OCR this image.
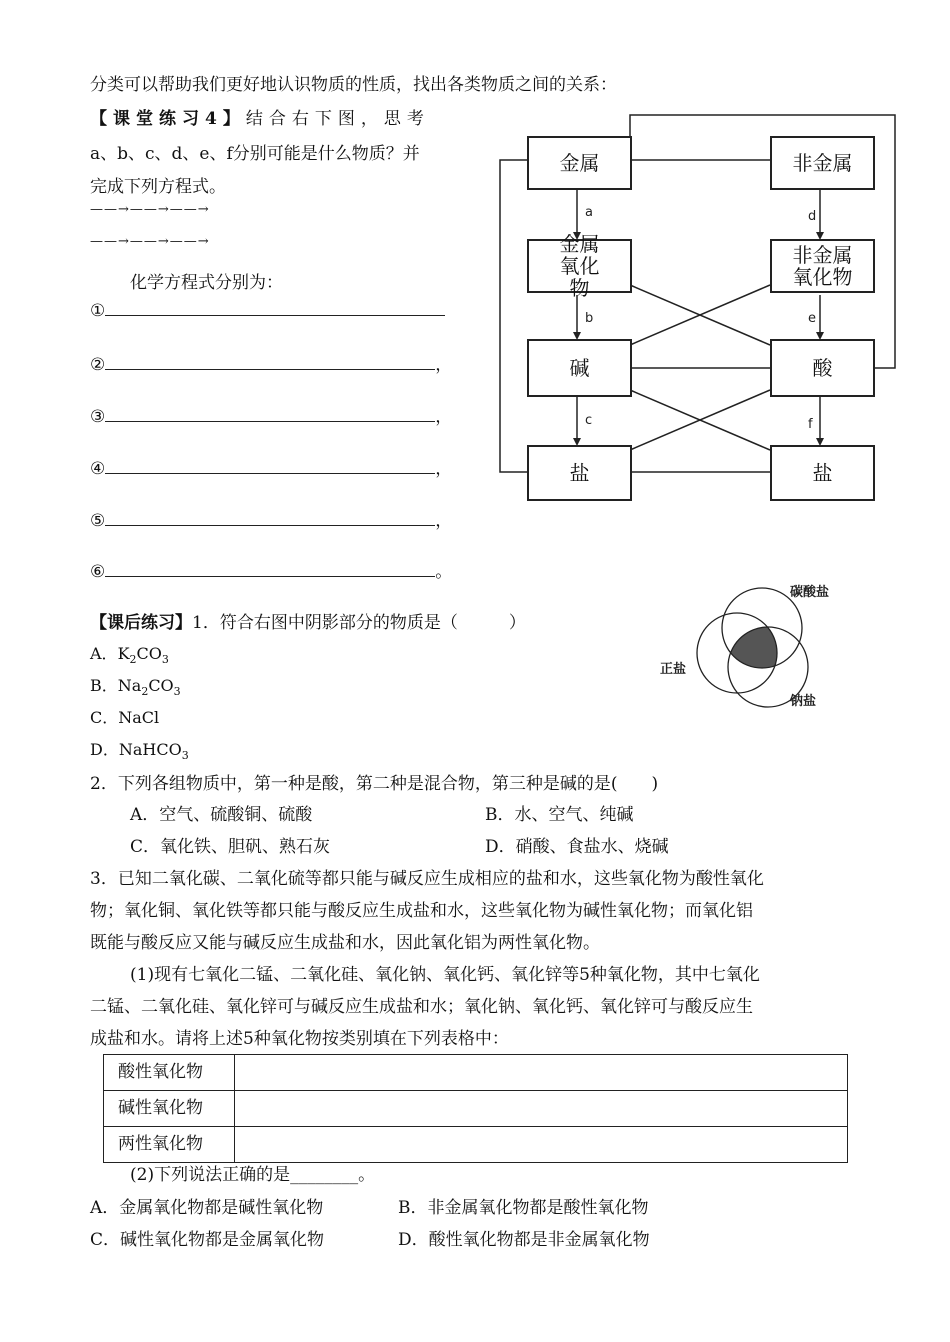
分类可以帮助我们更好地认识物质的性质，找出各类物质之间的关系：
【课堂练习4】结合右下图，思考
a、b、c、d、e、f分别可能是什么物质？并
完成下列方程式。
——→——→——→
——→——→——→
化学方程式分别为：
①
②	，
③	，
④	，
⑤	，
⑥	。
a
b
c
d
e
f
金属	非金属
金属氧化物
非金属氧化物
碱	酸
盐	盐
【课后练习】1．符合右图中阴影部分的物质是（　　　）
A．$K_2CO_3$
B．$Na_2CO_3$
C．NaCl
D．NaHCO$_3$
碳酸盐
正盐
钠盐
2．下列各组物质中，第一种是酸，第二种是混合物，第三种是碱的是(　　)
A．空气、硫酸铜、硫酸	B．水、空气、纯碱
C．氧化铁、胆矾、熟石灰	D．硝酸、食盐水、烧碱
3．已知二氧化碳、二氧化硫等都只能与碱反应生成相应的盐和水，这些氧化物为酸性氧化
物；氧化铜、氧化铁等都只能与酸反应生成盐和水，这些氧化物为碱性氧化物；而氧化铝
既能与酸反应又能与碱反应生成盐和水，因此氧化铝为两性氧化物。
(1)现有七氧化二锰、二氧化硅、氧化钠、氧化钙、氧化锌等5种氧化物，其中七氧化
二锰、二氧化硅、氧化锌可与碱反应生成盐和水；氧化钠、氧化钙、氧化锌可与酸反应生
成盐和水。请将上述5种氧化物按类别填在下列表格中：
酸性氧化物	
碱性氧化物	
两性氧化物	
(2)下列说法正确的是________。
A．金属氧化物都是碱性氧化物	B．非金属氧化物都是酸性氧化物
C．碱性氧化物都是金属氧化物	D．酸性氧化物都是非金属氧化物
